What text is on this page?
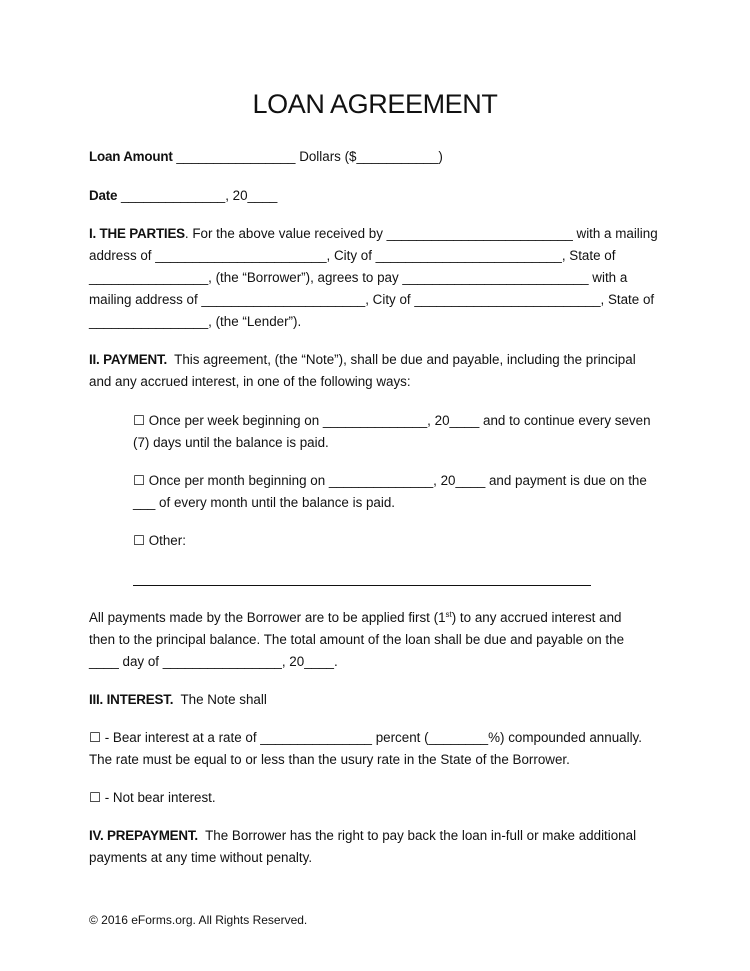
LOAN AGREEMENT
Loan Amount ________________ Dollars ($___________)
Date ______________, 20____
I. THE PARTIES. For the above value received by _________________________ with a mailing
address of _______________________, City of _________________________, State of
________________, (the “Borrower”), agrees to pay _________________________ with a
mailing address of ______________________, City of _________________________, State of
________________, (the “Lender”).
II. PAYMENT.  This agreement, (the “Note”), shall be due and payable, including the principal
and any accrued interest, in one of the following ways:
☐ Once per week beginning on ______________, 20____ and to continue every seven
(7) days until the balance is paid.
☐ Once per month beginning on ______________, 20____ and payment is due on the
___ of every month until the balance is paid.
☐ Other:
All payments made by the Borrower are to be applied first (1st) to any accrued interest and
then to the principal balance. The total amount of the loan shall be due and payable on the
____ day of ________________, 20____.
III. INTEREST.  The Note shall
☐ - Bear interest at a rate of _______________ percent (________%) compounded annually.
The rate must be equal to or less than the usury rate in the State of the Borrower.
☐ - Not bear interest.
IV. PREPAYMENT.  The Borrower has the right to pay back the loan in-full or make additional
payments at any time without penalty.
© 2016 eForms.org. All Rights Reserved.
